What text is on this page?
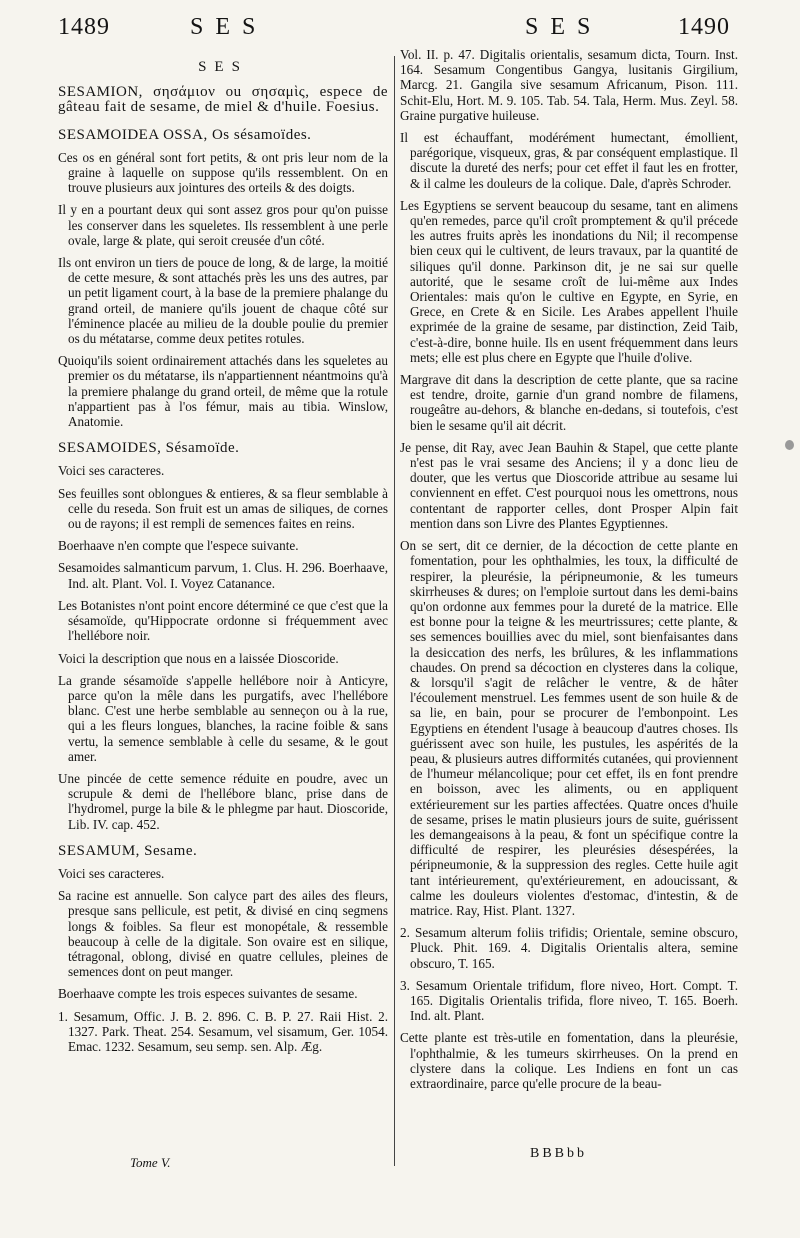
1489	SES	SES	1490
SES

SESAMION, σησάμιον ou σησαμὶς, espece de gâteau fait de sesame, de miel & d'huile. Foesius.

SESAMOIDEA OSSA, Os sésamoïdes.

Ces os en général sont fort petits, & ont pris leur nom de la graine à laquelle on suppose qu'ils ressemblent. On en trouve plusieurs aux jointures des orteils & des doigts.

Il y en a pourtant deux qui sont assez gros pour qu'on puisse les conserver dans les squeletes. Ils ressemblent à une perle ovale, large & plate, qui seroit creusée d'un côté.

Ils ont environ un tiers de pouce de long, & de large, la moitié de cette mesure, & sont attachés près les uns des autres, par un petit ligament court, à la base de la premiere phalange du grand orteil, de maniere qu'ils jouent de chaque côté sur l'éminence placée au milieu de la double poulie du premier os du métatarse, comme deux petites rotules.

Quoiqu'ils soient ordinairement attachés dans les squeletes au premier os du métatarse, ils n'appartiennent néantmoins qu'à la premiere phalange du grand orteil, de même que la rotule n'appartient pas à l'os fémur, mais au tibia. Winslow, Anatomie.

SESAMOIDES, Sésamoïde.

Voici ses caracteres.

Ses feuilles sont oblongues & entieres, & sa fleur semblable à celle du reseda. Son fruit est un amas de siliques, de cornes ou de rayons; il est rempli de semences faites en reins.

Boerhaave n'en compte que l'espece suivante.

Sesamoides salmanticum parvum, 1. Clus. H. 296. Boerhaave, Ind. alt. Plant. Vol. I. Voyez Catanance.

Les Botanistes n'ont point encore déterminé ce que c'est que la sésamoïde, qu'Hippocrate ordonne si fréquemment avec l'hellébore noir.

Voici la description que nous en a laissée Dioscoride.

La grande sésamoïde s'appelle hellébore noir à Anticyre, parce qu'on la mêle dans les purgatifs, avec l'hellébore blanc. C'est une herbe semblable au senneçon ou à la rue, qui a les fleurs longues, blanches, la racine foible & sans vertu, la semence semblable à celle du sesame, & le gout amer.

Une pincée de cette semence réduite en poudre, avec un scrupule & demi de l'hellébore blanc, prise dans de l'hydromel, purge la bile & le phlegme par haut. Dioscoride, Lib. IV. cap. 452.

SESAMUM, Sesame.

Voici ses caracteres.

Sa racine est annuelle. Son calyce part des ailes des fleurs, presque sans pellicule, est petit, & divisé en cinq segmens longs & foibles. Sa fleur est monopétale, & ressemble beaucoup à celle de la digitale. Son ovaire est en silique, tétragonal, oblong, divisé en quatre cellules, pleines de semences dont on peut manger.

Boerhaave compte les trois especes suivantes de sesame.

1. Sesamum, Offic. J. B. 2. 896. C. B. P. 27. Raii Hist. 2. 1327. Park. Theat. 254. Sesamum, vel sisamum, Ger. 1054. Emac. 1232. Sesamum, seu semp. sen. Alp. Æg.

Vol. II. p. 47. Digitalis orientalis, sesamum dicta, Tourn. Inst. 164. Sesamum Congentibus Gangya, lusitanis Girgilium, Marcg. 21. Gangila sive sesamum Africanum, Pison. 111. Schit-Elu, Hort. M. 9. 105. Tab. 54. Tala, Herm. Mus. Zeyl. 58. Graine purgative huileuse.

Il est échauffant, modérément humectant, émollient, parégorique, visqueux, gras, & par conséquent emplastique. Il discute la dureté des nerfs; pour cet effet il faut les en frotter, & il calme les douleurs de la colique. Dale, d'après Schroder.

Les Egyptiens se servent beaucoup du sesame, tant en alimens qu'en remedes, parce qu'il croît promptement & qu'il précede les autres fruits après les inondations du Nil; il recompense bien ceux qui le cultivent, de leurs travaux, par la quantité de siliques qu'il donne. Parkinson dit, je ne sai sur quelle autorité, que le sesame croît de lui-même aux Indes Orientales: mais qu'on le cultive en Egypte, en Syrie, en Grece, en Crete & en Sicile. Les Arabes appellent l'huile exprimée de la graine de sesame, par distinction, Zeid Taib, c'est-à-dire, bonne huile. Ils en usent fréquemment dans leurs mets; elle est plus chere en Egypte que l'huile d'olive.

Margrave dit dans la description de cette plante, que sa racine est tendre, droite, garnie d'un grand nombre de filamens, rougeâtre au-dehors, & blanche en-dedans, si toutefois, c'est bien le sesame qu'il ait décrit.

Je pense, dit Ray, avec Jean Bauhin & Stapel, que cette plante n'est pas le vrai sesame des Anciens; il y a donc lieu de douter, que les vertus que Dioscoride attribue au sesame lui conviennent en effet. C'est pourquoi nous les omettrons, nous contentant de rapporter celles, dont Prosper Alpin fait mention dans son Livre des Plantes Egyptiennes.

On se sert, dit ce dernier, de la décoction de cette plante en fomentation, pour les ophthalmies, les toux, la difficulté de respirer, la pleurésie, la péripneumonie, & les tumeurs skirrheuses & dures; on l'emploie surtout dans les demi-bains qu'on ordonne aux femmes pour la dureté de la matrice. Elle est bonne pour la teigne & les meurtrissures; cette plante, & ses semences bouillies avec du miel, sont bienfaisantes dans la desiccation des nerfs, les brûlures, & les inflammations chaudes. On prend sa décoction en clysteres dans la colique, & lorsqu'il s'agit de relâcher le ventre, & de hâter l'écoulement menstruel. Les femmes usent de son huile & de sa lie, en bain, pour se procurer de l'embonpoint. Les Egyptiens en étendent l'usage à beaucoup d'autres choses. Ils guérissent avec son huile, les pustules, les aspérités de la peau, & plusieurs autres difformités cutanées, qui proviennent de l'humeur mélancolique; pour cet effet, ils en font prendre en boisson, avec les aliments, ou en appliquent extérieurement sur les parties affectées. Quatre onces d'huile de sesame, prises le matin plusieurs jours de suite, guérissent les demangeaisons à la peau, & font un spécifique contre la difficulté de respirer, les pleurésies désespérées, la péripneumonie, & la suppression des regles. Cette huile agit tant intérieurement, qu'extérieurement, en adoucissant, & calme les douleurs violentes d'estomac, d'intestin, & de matrice. Ray, Hist. Plant. 1327.

2. Sesamum alterum foliis trifidis; Orientale, semine obscuro, Pluck. Phit. 169. 4. Digitalis Orientalis altera, semine obscuro, T. 165.

3. Sesamum Orientale trifidum, flore niveo, Hort. Compt. T. 165. Digitalis Orientalis trifida, flore niveo, T. 165. Boerh. Ind. alt. Plant.

Cette plante est très-utile en fomentation, dans la pleurésie, l'ophthalmie, & les tumeurs skirrheuses. On la prend en clystere dans la colique. Les Indiens en font un cas extraordinaire, parce qu'elle procure de la beau-

Tome V.
BBBbb
